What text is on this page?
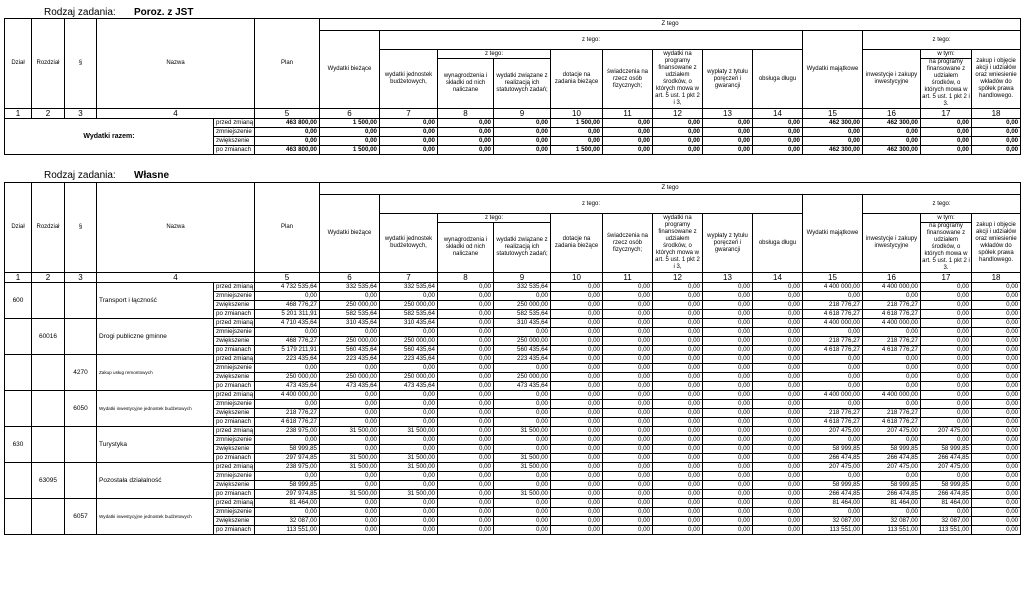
Rodzaj zadania: Poroz. z JST
Dział	Rozdział	§	Nazwa		Plan	Z tego												
						Wydatki bieżące	z tego:								Wydatki majątkowe	z tego:		
							wydatki jednostek budżetowych,	z tego:		dotacje na zadania bieżące	świadczenia na rzecz osób fizycznych;	wydatki na programy finansowane z udziałem środków, o których mowa w art. 5 ust. 1 pkt 2 i 3,	wypłaty z tytułu poręczeń i gwarancji	obsługa długu		inwestycje i zakupy inwestycyjne	w tym:	zakup i objęcie akcji i udziałów oraz wniesienie wkładów do spółek prawa handlowego.
								wynagrodzenia i składki od nich naliczane	wydatki związane z realizacją ich statutowych zadań;								na programy finansowane z udziałem środków, o których mowa w art. 5 ust. 1 pkt 2 i 3.	
1	2	3	4		5	6	7	8	9	10	11	12	13	14	15	16	17	18
Wydatki razem:				przed zmianą	463 800,00	1 500,00	0,00	0,00	0,00	1 500,00	0,00	0,00	0,00	0,00	462 300,00	462 300,00	0,00	0,00
				zmniejszenie	0,00	0,00	0,00	0,00	0,00	0,00	0,00	0,00	0,00	0,00	0,00	0,00	0,00	0,00
				zwiększenie	0,00	0,00	0,00	0,00	0,00	0,00	0,00	0,00	0,00	0,00	0,00	0,00	0,00	0,00
				po zmianach	463 800,00	1 500,00	0,00	0,00	0,00	1 500,00	0,00	0,00	0,00	0,00	462 300,00	462 300,00	0,00	0,00
Rodzaj zadania: Własne
Dział	Rozdział	§	Nazwa		Plan	Z tego												
						Wydatki bieżące	z tego:								Wydatki majątkowe	z tego:		
							wydatki jednostek budżetowych,	z tego:		dotacje na zadania bieżące	świadczenia na rzecz osób fizycznych;	wydatki na programy finansowane z udziałem środków, o których mowa w art. 5 ust. 1 pkt 2 i 3,	wypłaty z tytułu poręczeń i gwarancji	obsługa długu		inwestycje i zakupy inwestycyjne	w tym:	zakup i objęcie akcji i udziałów oraz wniesienie wkładów do spółek prawa handlowego.
								wynagrodzenia i składki od nich naliczane	wydatki związane z realizacją ich statutowych zadań;								na programy finansowane z udziałem środków, o których mowa w art. 5 ust. 1 pkt 2 i 3.	
1	2	3	4		5	6	7	8	9	10	11	12	13	14	15	16	17	18
600			Transport i łączność	przed zmianą	4 732 535,64	332 535,64	332 535,64	0,00	332 535,64	0,00	0,00	0,00	0,00	0,00	4 400 000,00	4 400 000,00	0,00	0,00
				zmniejszenie	0,00	0,00	0,00	0,00	0,00	0,00	0,00	0,00	0,00	0,00	0,00	0,00	0,00	0,00
				zwiększenie	468 776,27	250 000,00	250 000,00	0,00	250 000,00	0,00	0,00	0,00	0,00	0,00	218 776,27	218 776,27	0,00	0,00
				po zmianach	5 201 311,91	582 535,64	582 535,64	0,00	582 535,64	0,00	0,00	0,00	0,00	0,00	4 618 776,27	4 618 776,27	0,00	0,00
	60016		Drogi publiczne gminne	przed zmianą	4 710 435,64	310 435,64	310 435,64	0,00	310 435,64	0,00	0,00	0,00	0,00	0,00	4 400 000,00	4 400 000,00	0,00	0,00
				zmniejszenie	0,00	0,00	0,00	0,00	0,00	0,00	0,00	0,00	0,00	0,00	0,00	0,00	0,00	0,00
				zwiększenie	468 776,27	250 000,00	250 000,00	0,00	250 000,00	0,00	0,00	0,00	0,00	0,00	218 776,27	218 776,27	0,00	0,00
				po zmianach	5 179 211,91	560 435,64	560 435,64	0,00	560 435,64	0,00	0,00	0,00	0,00	0,00	4 618 776,27	4 618 776,27	0,00	0,00
		4270	Zakup usług remontowych	przed zmianą	223 435,64	223 435,64	223 435,64	0,00	223 435,64	0,00	0,00	0,00	0,00	0,00	0,00	0,00	0,00	0,00
				zmniejszenie	0,00	0,00	0,00	0,00	0,00	0,00	0,00	0,00	0,00	0,00	0,00	0,00	0,00	0,00
				zwiększenie	250 000,00	250 000,00	250 000,00	0,00	250 000,00	0,00	0,00	0,00	0,00	0,00	0,00	0,00	0,00	0,00
				po zmianach	473 435,64	473 435,64	473 435,64	0,00	473 435,64	0,00	0,00	0,00	0,00	0,00	0,00	0,00	0,00	0,00
		6050	Wydatki inwestycyjne jednostek budżetowych	przed zmianą	4 400 000,00	0,00	0,00	0,00	0,00	0,00	0,00	0,00	0,00	0,00	4 400 000,00	4 400 000,00	0,00	0,00
				zmniejszenie	0,00	0,00	0,00	0,00	0,00	0,00	0,00	0,00	0,00	0,00	0,00	0,00	0,00	0,00
				zwiększenie	218 776,27	0,00	0,00	0,00	0,00	0,00	0,00	0,00	0,00	0,00	218 776,27	218 776,27	0,00	0,00
				po zmianach	4 618 776,27	0,00	0,00	0,00	0,00	0,00	0,00	0,00	0,00	0,00	4 618 776,27	4 618 776,27	0,00	0,00
630			Turystyka	przed zmianą	238 975,00	31 500,00	31 500,00	0,00	31 500,00	0,00	0,00	0,00	0,00	0,00	207 475,00	207 475,00	207 475,00	0,00
				zmniejszenie	0,00	0,00	0,00	0,00	0,00	0,00	0,00	0,00	0,00	0,00	0,00	0,00	0,00	0,00
				zwiększenie	58 999,85	0,00	0,00	0,00	0,00	0,00	0,00	0,00	0,00	0,00	58 999,85	58 999,85	58 999,85	0,00
				po zmianach	297 974,85	31 500,00	31 500,00	0,00	31 500,00	0,00	0,00	0,00	0,00	0,00	266 474,85	266 474,85	266 474,85	0,00
	63095		Pozostała działalność	przed zmianą	238 975,00	31 500,00	31 500,00	0,00	31 500,00	0,00	0,00	0,00	0,00	0,00	207 475,00	207 475,00	207 475,00	0,00
				zmniejszenie	0,00	0,00	0,00	0,00	0,00	0,00	0,00	0,00	0,00	0,00	0,00	0,00	0,00	0,00
				zwiększenie	58 999,85	0,00	0,00	0,00	0,00	0,00	0,00	0,00	0,00	0,00	58 999,85	58 999,85	58 999,85	0,00
				po zmianach	297 974,85	31 500,00	31 500,00	0,00	31 500,00	0,00	0,00	0,00	0,00	0,00	266 474,85	266 474,85	266 474,85	0,00
		6057	Wydatki inwestycyjne jednostek budżetowych	przed zmianą	81 464,00	0,00	0,00	0,00	0,00	0,00	0,00	0,00	0,00	0,00	81 464,00	81 464,00	81 464,00	0,00
				zmniejszenie	0,00	0,00	0,00	0,00	0,00	0,00	0,00	0,00	0,00	0,00	0,00	0,00	0,00	0,00
				zwiększenie	32 087,00	0,00	0,00	0,00	0,00	0,00	0,00	0,00	0,00	0,00	32 087,00	32 087,00	32 087,00	0,00
				po zmianach	113 551,00	0,00	0,00	0,00	0,00	0,00	0,00	0,00	0,00	0,00	113 551,00	113 551,00	113 551,00	0,00
